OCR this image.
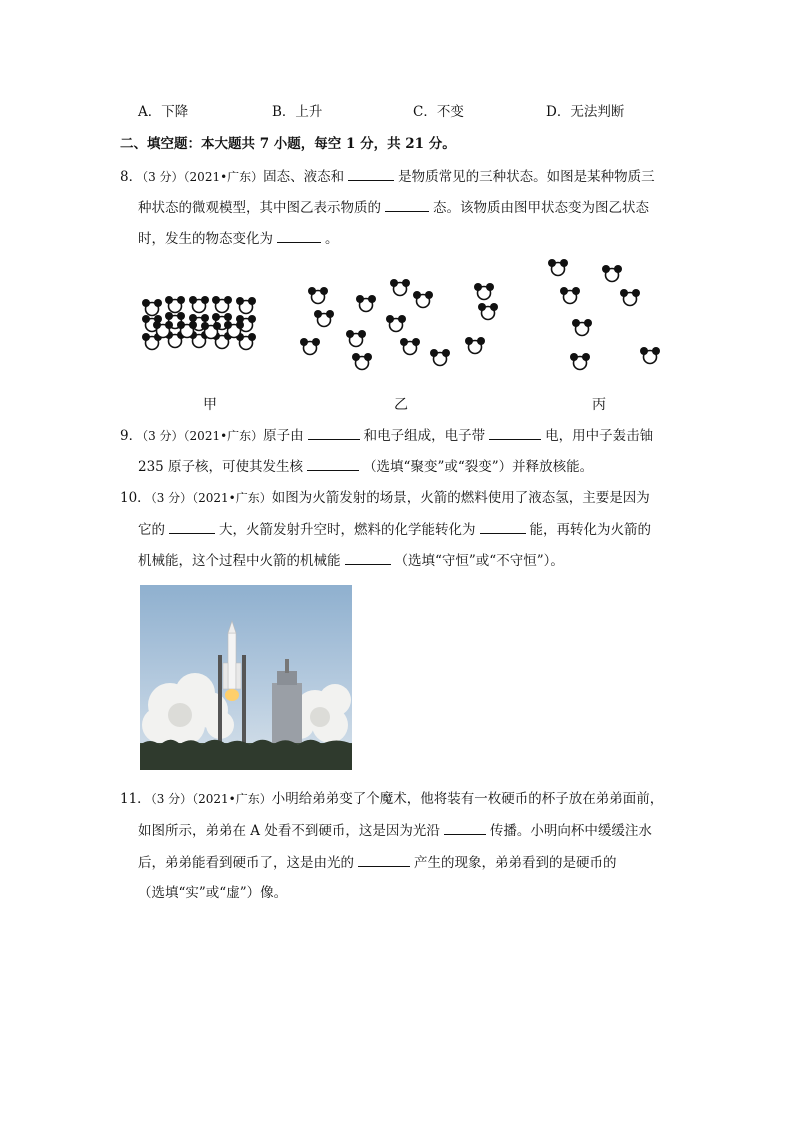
A．下降	B．上升	C．不变	D．无法判断
二、填空题：本大题共 7 小题，每空 1 分，共 21 分。
8．（3 分）（2021•广东）固态、液态和	是物质常见的三种状态。如图是某种物质三
种状态的微观模型，其中图乙表示物质的	态。该物质由图甲状态变为图乙状态
时，发生的物态变化为	。
甲	乙	丙
9．（3 分）（2021•广东）原子由	和电子组成，电子带	电，用中子轰击铀
235 原子核，可使其发生核	（选填“聚变”或“裂变”）并释放核能。
10．（3 分）（2021•广东）如图为火箭发射的场景，火箭的燃料使用了液态氢，主要是因为
它的	大，火箭发射升空时，燃料的化学能转化为	能，再转化为火箭的
机械能，这个过程中火箭的机械能	（选填“守恒”或“不守恒”）。
11．（3 分）（2021•广东）小明给弟弟变了个魔术，他将装有一枚硬币的杯子放在弟弟面前，
如图所示，弟弟在 A 处看不到硬币，这是因为光沿	传播。小明向杯中缓缓注水
后，弟弟能看到硬币了，这是由光的	产生的现象，弟弟看到的是硬币的
（选填“实”或“虚”）像。
